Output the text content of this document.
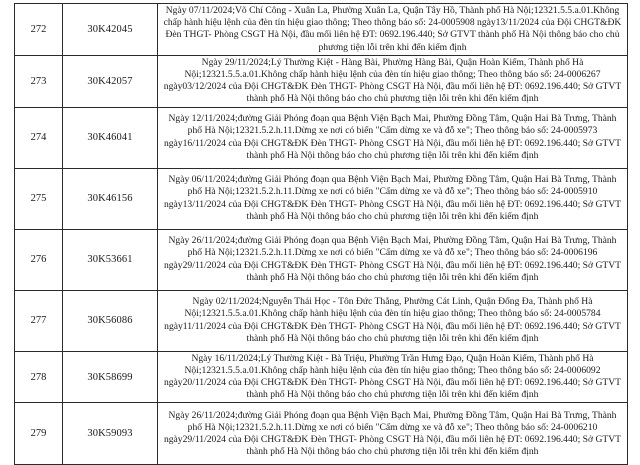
272	30K42045	Ngày 07/11/2024;Võ Chí Công - Xuân La, Phường Xuân La, Quận Tây Hồ, Thành phố Hà Nội;12321.5.5.a.01.Không chấp hành hiệu lệnh của đèn tín hiệu giao thông; Theo thông báo số: 24-0005908 ngày13/11/2024 của Đội CHGT&ĐK Đèn THGT- Phòng CSGT Hà Nội, đầu mối liên hệ ĐT: 0692.196.440; Sở GTVT thành phố Hà Nội thông báo cho chủ phương tiện lỗi trên khi đến kiểm định
273	30K42057	Ngày 29/11/2024;Lý Thường Kiệt - Hàng Bài, Phường Hàng Bài, Quận Hoàn Kiếm, Thành phố Hà Nội;12321.5.5.a.01.Không chấp hành hiệu lệnh của đèn tín hiệu giao thông; Theo thông báo số: 24-0006267 ngày03/12/2024 của Đội CHGT&ĐK Đèn THGT- Phòng CSGT Hà Nội, đầu mối liên hệ ĐT: 0692.196.440; Sở GTVT thành phố Hà Nội thông báo cho chủ phương tiện lỗi trên khi đến kiểm định
274	30K46041	Ngày 12/11/2024;đường Giải Phóng đoạn qua Bệnh Viện Bạch Mai, Phường Đồng Tâm, Quận Hai Bà Trưng, Thành phố Hà Nội;12321.5.2.h.11.Dừng xe nơi có biển "Cấm dừng xe và đỗ xe"; Theo thông báo số: 24-0005973 ngày16/11/2024 của Đội CHGT&ĐK Đèn THGT- Phòng CSGT Hà Nội, đầu mối liên hệ ĐT: 0692.196.440; Sở GTVT thành phố Hà Nội thông báo cho chủ phương tiện lỗi trên khi đến kiểm định
275	30K46156	Ngày 06/11/2024;đường Giải Phóng đoạn qua Bệnh Viện Bạch Mai, Phường Đồng Tâm, Quận Hai Bà Trưng, Thành phố Hà Nội;12321.5.2.h.11.Dừng xe nơi có biển "Cấm dừng xe và đỗ xe"; Theo thông báo số: 24-0005910 ngày13/11/2024 của Đội CHGT&ĐK Đèn THGT- Phòng CSGT Hà Nội, đầu mối liên hệ ĐT: 0692.196.440; Sở GTVT thành phố Hà Nội thông báo cho chủ phương tiện lỗi trên khi đến kiểm định
276	30K53661	Ngày 26/11/2024;đường Giải Phóng đoạn qua Bệnh Viện Bạch Mai, Phường Đồng Tâm, Quận Hai Bà Trưng, Thành phố Hà Nội;12321.5.2.h.11.Dừng xe nơi có biển "Cấm dừng xe và đỗ xe"; Theo thông báo số: 24-0006196 ngày29/11/2024 của Đội CHGT&ĐK Đèn THGT- Phòng CSGT Hà Nội, đầu mối liên hệ ĐT: 0692.196.440; Sở GTVT thành phố Hà Nội thông báo cho chủ phương tiện lỗi trên khi đến kiểm định
277	30K56086	Ngày 02/11/2024;Nguyễn Thái Học - Tôn Đức Thắng, Phường Cát Linh, Quận Đống Đa, Thành phố Hà Nội;12321.5.5.a.01.Không chấp hành hiệu lệnh của đèn tín hiệu giao thông; Theo thông báo số: 24-0005784 ngày11/11/2024 của Đội CHGT&ĐK Đèn THGT- Phòng CSGT Hà Nội, đầu mối liên hệ ĐT: 0692.196.440; Sở GTVT thành phố Hà Nội thông báo cho chủ phương tiện lỗi trên khi đến kiểm định
278	30K58699	Ngày 16/11/2024;Lý Thường Kiệt - Bà Triệu, Phường Trần Hưng Đạo, Quận Hoàn Kiếm, Thành phố Hà Nội;12321.5.5.a.01.Không chấp hành hiệu lệnh của đèn tín hiệu giao thông; Theo thông báo số: 24-0006092 ngày20/11/2024 của Đội CHGT&ĐK Đèn THGT- Phòng CSGT Hà Nội, đầu mối liên hệ ĐT: 0692.196.440; Sở GTVT thành phố Hà Nội thông báo cho chủ phương tiện lỗi trên khi đến kiểm định
279	30K59093	Ngày 26/11/2024;đường Giải Phóng đoạn qua Bệnh Viện Bạch Mai, Phường Đồng Tâm, Quận Hai Bà Trưng, Thành phố Hà Nội;12321.5.2.h.11.Dừng xe nơi có biển "Cấm dừng xe và đỗ xe"; Theo thông báo số: 24-0006210 ngày29/11/2024 của Đội CHGT&ĐK Đèn THGT- Phòng CSGT Hà Nội, đầu mối liên hệ ĐT: 0692.196.440; Sở GTVT thành phố Hà Nội thông báo cho chủ phương tiện lỗi trên khi đến kiểm định
